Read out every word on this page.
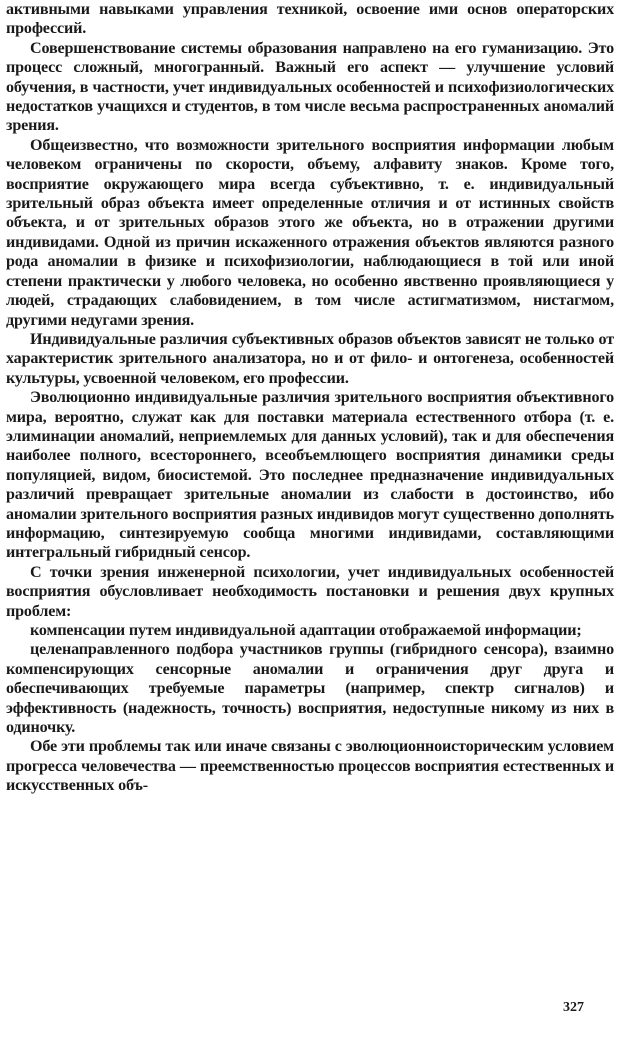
активными навыками управления техникой, освоение ими основ операторских профессий.

Совершенствование системы образования направлено на его гуманизацию. Это процесс сложный, многогранный. Важный его аспект — улучшение условий обучения, в частности, учет индивидуальных особенностей и психофизиологических недостатков учащихся и студентов, в том числе весьма распространенных аномалий зрения.

Общеизвестно, что возможности зрительного восприятия информации любым человеком ограничены по скорости, объему, алфавиту знаков. Кроме того, восприятие окружающего мира всегда субъективно, т. е. индивидуальный зрительный образ объекта имеет определенные отличия и от истинных свойств объекта, и от зрительных образов этого же объекта, но в отражении другими индивидами. Одной из причин искаженного отражения объектов являются разного рода аномалии в физике и психофизиологии, наблюдающиеся в той или иной степени практически у любого человека, но особенно явственно проявляющиеся у людей, страдающих слабовидением, в том числе астигматизмом, нистагмом, другими недугами зрения.

Индивидуальные различия субъективных образов объектов зависят не только от характеристик зрительного анализатора, но и от фило- и онтогенеза, особенностей культуры, усвоенной человеком, его профессии.

Эволюционно индивидуальные различия зрительного восприятия объективного мира, вероятно, служат как для поставки материала естественного отбора (т. е. элиминации аномалий, неприемлемых для данных условий), так и для обеспечения наиболее полного, всестороннего, всеобъемлющего восприятия динамики среды популяцией, видом, биосистемой. Это последнее предназначение индивидуальных различий превращает зрительные аномалии из слабости в достоинство, ибо аномалии зрительного восприятия разных индивидов могут существенно дополнять информацию, синтезируемую сообща многими индивидами, составляющими интегральный гибридный сенсор.

С точки зрения инженерной психологии, учет индивидуальных особенностей восприятия обусловливает необходимость постановки и решения двух крупных проблем:

компенсации путем индивидуальной адаптации отображаемой информации;

целенаправленного подбора участников группы (гибридного сенсора), взаимно компенсирующих сенсорные аномалии и ограничения друг друга и обеспечивающих требуемые параметры (например, спектр сигналов) и эффективность (надежность, точность) восприятия, недоступные никому из них в одиночку.

Обе эти проблемы так или иначе связаны с эволюционноисторическим условием прогресса человечества — преемственностью процессов восприятия естественных и искусственных объ-

327
